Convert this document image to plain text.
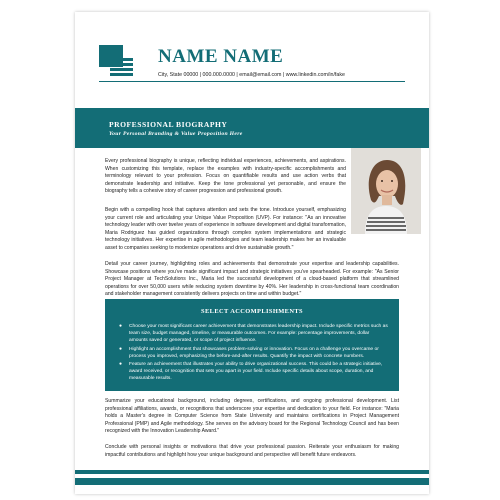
NAME NAME
City, State 00000 | 000.000.0000 | email@email.com | www.linkedin.com/in/fake
PROFESSIONAL BIOGRAPHY
Your Personal Branding & Value Proposition Here

Every professional biography is unique, reflecting individual experiences, achievements, and aspirations. When customizing this template, replace the examples with industry-specific accomplishments and terminology relevant to your profession. Focus on quantifiable results and use action verbs that demonstrate leadership and initiative. Keep the tone professional yet personable, and ensure the biography tells a cohesive story of career progression and professional growth.

Begin with a compelling hook that captures attention and sets the tone. Introduce yourself, emphasizing your current role and articulating your Unique Value Proposition (UVP). For instance: "As an innovative technology leader with over twelve years of experience in software development and digital transformation, Maria Rodriguez has guided organizations through complex system implementations and strategic technology initiatives. Her expertise in agile methodologies and team leadership makes her an invaluable asset to companies seeking to modernize operations and drive sustainable growth."

Detail your career journey, highlighting roles and achievements that demonstrate your expertise and leadership capabilities. Showcase positions where you've made significant impact and strategic initiatives you've spearheaded. For example: "As Senior Project Manager at TechSolutions Inc., Maria led the successful development of a cloud-based platform that streamlined operations for over 50,000 users while reducing system downtime by 40%. Her leadership in cross-functional team coordination and stakeholder management consistently delivers projects on time and within budget."

SELECT ACCOMPLISHMENTS
● Choose your most significant career achievement that demonstrates leadership impact. Include specific metrics such as team size, budget managed, timeline, or measurable outcomes. For example: percentage improvements, dollar amounts saved or generated, or scope of project influence.
● Highlight an accomplishment that showcases problem-solving or innovation. Focus on a challenge you overcame or process you improved, emphasizing the before-and-after results. Quantify the impact with concrete numbers.
● Feature an achievement that illustrates your ability to drive organizational success. This could be a strategic initiative, award received, or recognition that sets you apart in your field. Include specific details about scope, duration, and measurable results.

Summarize your educational background, including degrees, certifications, and ongoing professional development. List professional affiliations, awards, or recognitions that underscore your expertise and dedication to your field. For instance: "Maria holds a Master's degree in Computer Science from State University and maintains certifications in Project Management Professional (PMP) and Agile methodology. She serves on the advisory board for the Regional Technology Council and has been recognized with the Innovation Leadership Award."

Conclude with personal insights or motivations that drive your professional passion. Reiterate your enthusiasm for making impactful contributions and highlight how your unique background and perspective will benefit future endeavors.
